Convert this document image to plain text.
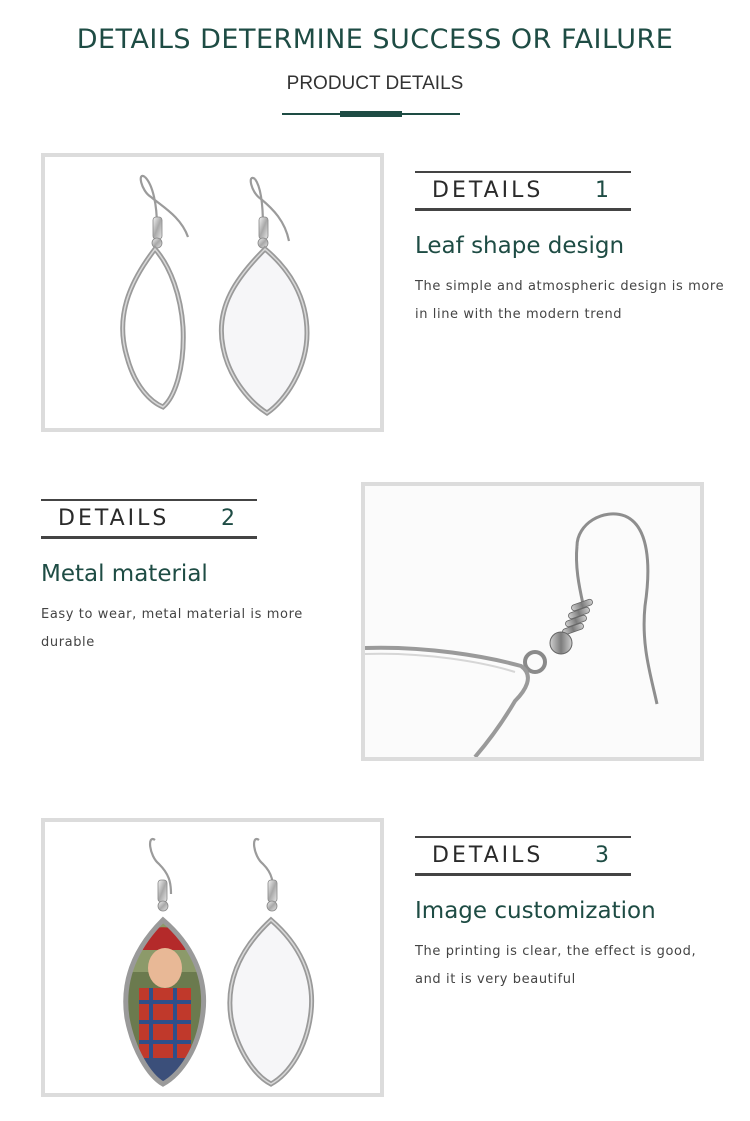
DETAILS DETERMINE SUCCESS OR FAILURE
PRODUCT DETAILS
DETAILS 1
Leaf shape design
The simple and atmospheric design is more in line with the modern trend
DETAILS 2
Metal material
Easy to wear, metal material is more durable
DETAILS 3
Image customization
The printing is clear, the effect is good, and it is very beautiful
